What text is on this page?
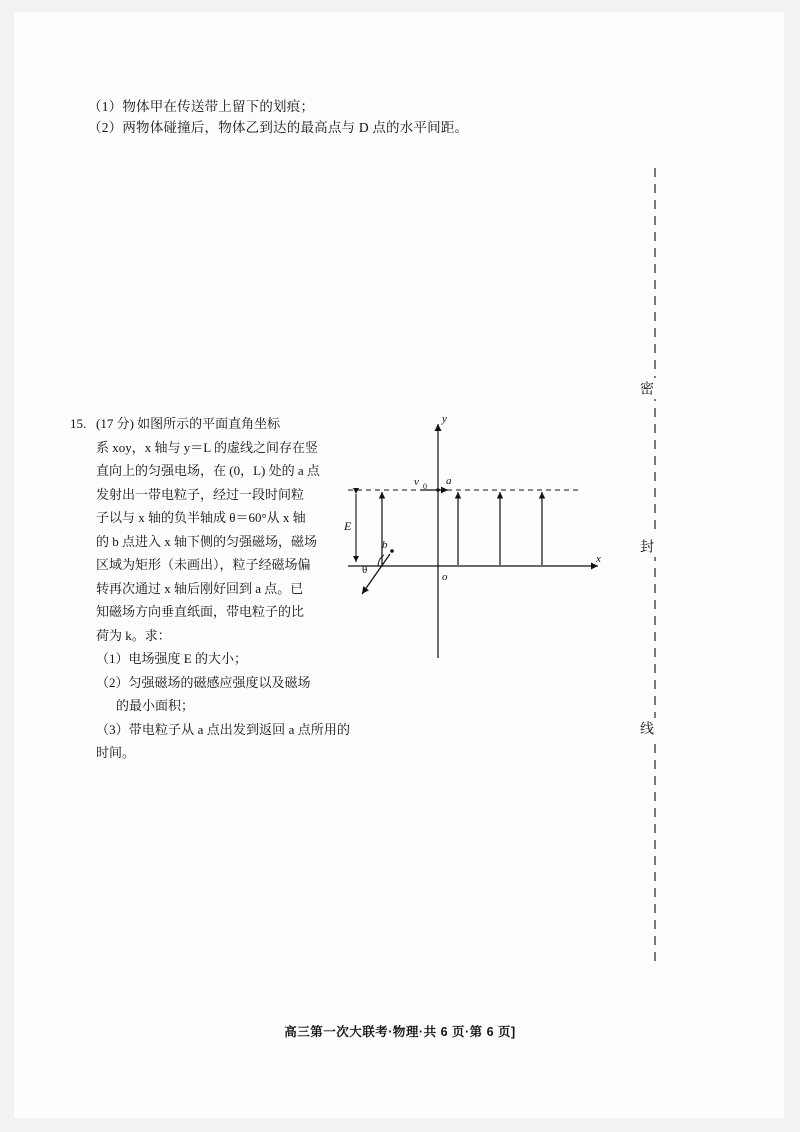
（1）物体甲在传送带上留下的划痕；
（2）两物体碰撞后，物体乙到达的最高点与 D 点的水平间距。
15. (17 分) 如图所示的平面直角坐标

系 xoy，x 轴与 y＝L 的虚线之间存在竖

直向上的匀强电场，在 (0，L) 处的 a 点

发射出一带电粒子，经过一段时间粒

子以与 x 轴的负半轴成 θ＝60°从 x 轴

的 b 点进入 x 轴下侧的匀强磁场，磁场

区域为矩形（未画出），粒子经磁场偏

转再次通过 x 轴后刚好回到 a 点。已

知磁场方向垂直纸面，带电粒子的比

荷为 k。求：

（1）电场强度 E 的大小；

（2）匀强磁场的磁感应强度以及磁场

的最小面积；

（3）带电粒子从 a 点出发到返回 a 点所用的时间。

y
x
a
b
o
v 0
E
θ
密
封
线
高三第一次大联考·物理·共 6 页·第 6 页]
